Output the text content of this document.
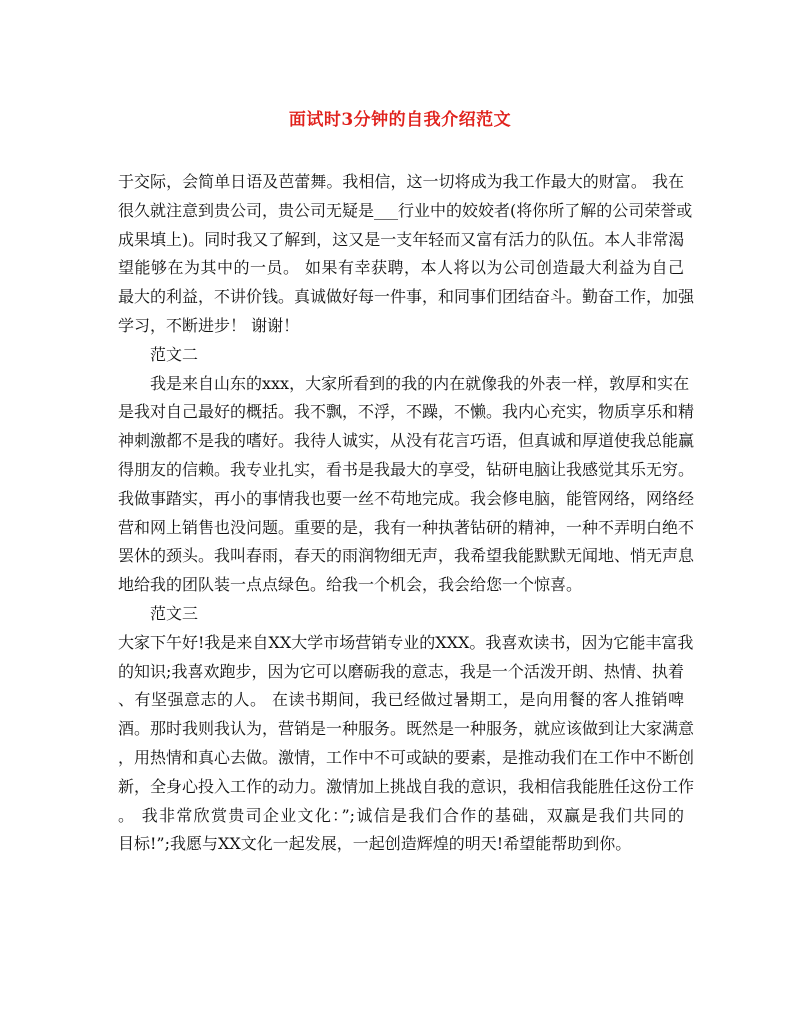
面试时3分钟的自我介绍范文
于交际，会简单日语及芭蕾舞。我相信，这一切将成为我工作最大的财富。 我在
很久就注意到贵公司，贵公司无疑是___行业中的姣姣者(将你所了解的公司荣誉或
成果填上)。同时我又了解到，这又是一支年轻而又富有活力的队伍。本人非常渴
望能够在为其中的一员。 如果有幸获聘，本人将以为公司创造最大利益为自己
最大的利益，不讲价钱。真诚做好每一件事，和同事们团结奋斗。勤奋工作，加强
学习，不断进步！ 谢谢！
范文二
我是来自山东的xxx，大家所看到的我的内在就像我的外表一样，敦厚和实在
是我对自己最好的概括。我不飘，不浮，不躁，不懒。我内心充实，物质享乐和精
神刺激都不是我的嗜好。我待人诚实，从没有花言巧语，但真诚和厚道使我总能赢
得朋友的信赖。我专业扎实，看书是我最大的享受，钻研电脑让我感觉其乐无穷。
我做事踏实，再小的事情我也要一丝不苟地完成。我会修电脑，能管网络，网络经
营和网上销售也没问题。重要的是，我有一种执著钻研的精神，一种不弄明白绝不
罢休的颈头。我叫春雨，春天的雨润物细无声，我希望我能默默无闻地、悄无声息
地给我的团队装一点点绿色。给我一个机会，我会给您一个惊喜。
范文三
大家下午好!我是来自XX大学市场营销专业的XXX。我喜欢读书，因为它能丰富我
的知识;我喜欢跑步，因为它可以磨砺我的意志，我是一个活泼开朗、热情、执着
、有坚强意志的人。 在读书期间，我已经做过暑期工，是向用餐的客人推销啤
酒。那时我则我认为，营销是一种服务。既然是一种服务，就应该做到让大家满意
，用热情和真心去做。激情，工作中不可或缺的要素，是推动我们在工作中不断创
新，全身心投入工作的动力。激情加上挑战自我的意识，我相信我能胜任这份工作
。 我非常欣赏贵司企业文化：”;诚信是我们合作的基础，双赢是我们共同的
目标!”;我愿与XX文化一起发展，一起创造辉煌的明天!希望能帮助到你。
